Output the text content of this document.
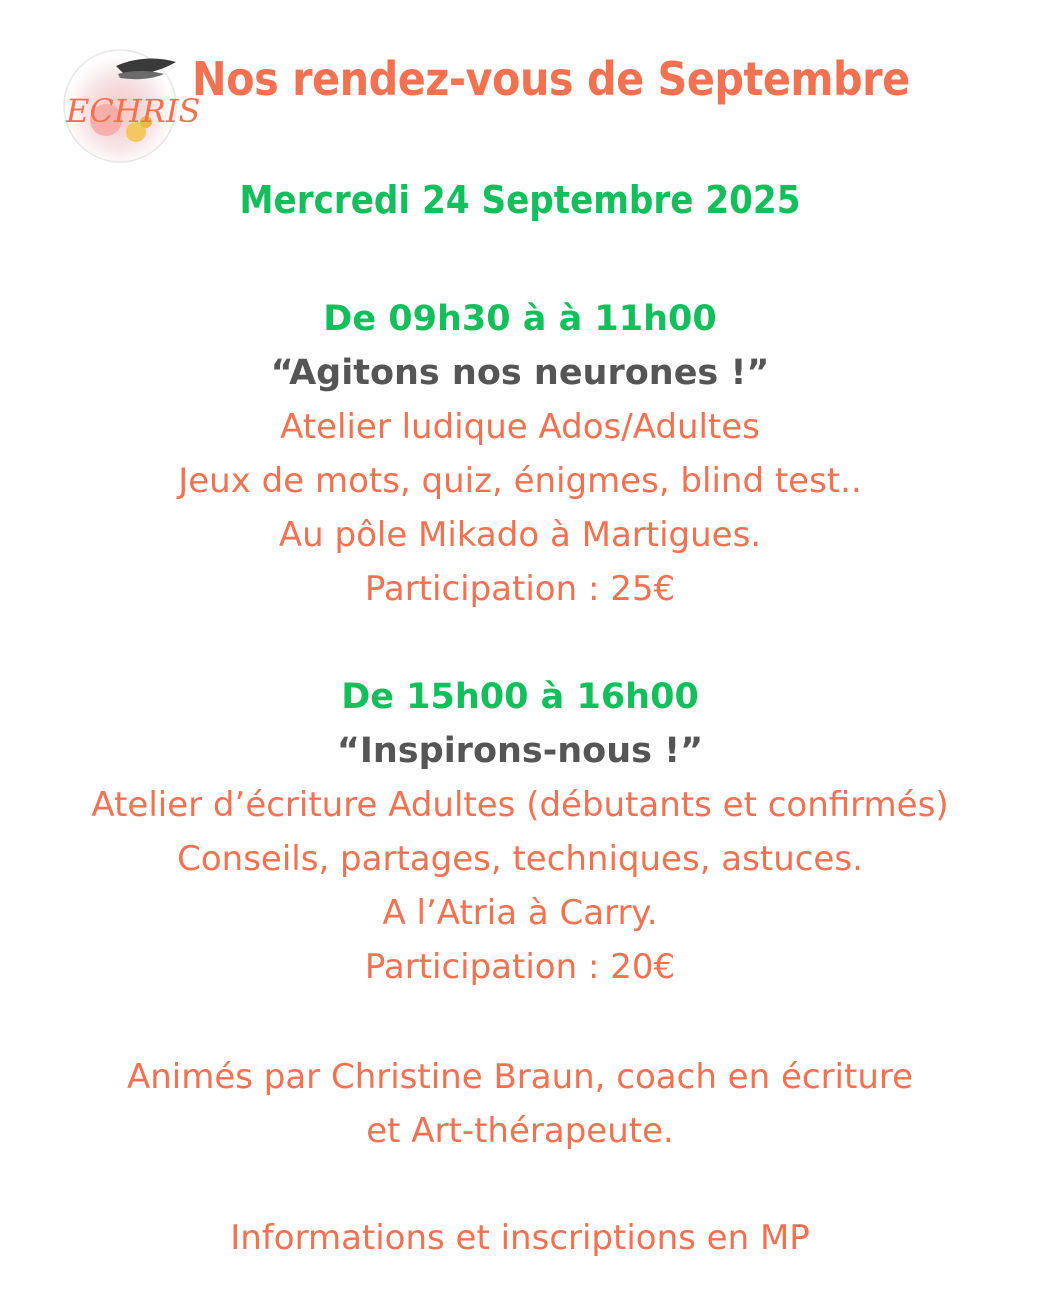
ECHRIS
Nos rendez-vous de Septembre
Mercredi 24 Septembre 2025
De 09h30 à à 11h00
“Agitons nos neurones !”
Atelier ludique Ados/Adultes
Jeux de mots, quiz, énigmes, blind test..
Au pôle Mikado à Martigues.
Participation : 25€
De 15h00 à 16h00
“Inspirons-nous !”
Atelier d’écriture Adultes (débutants et confirmés)
Conseils, partages, techniques, astuces.
A l’Atria à Carry.
Participation : 20€
Animés par Christine Braun, coach en écriture
et Art-thérapeute.
Informations et inscriptions en MP
